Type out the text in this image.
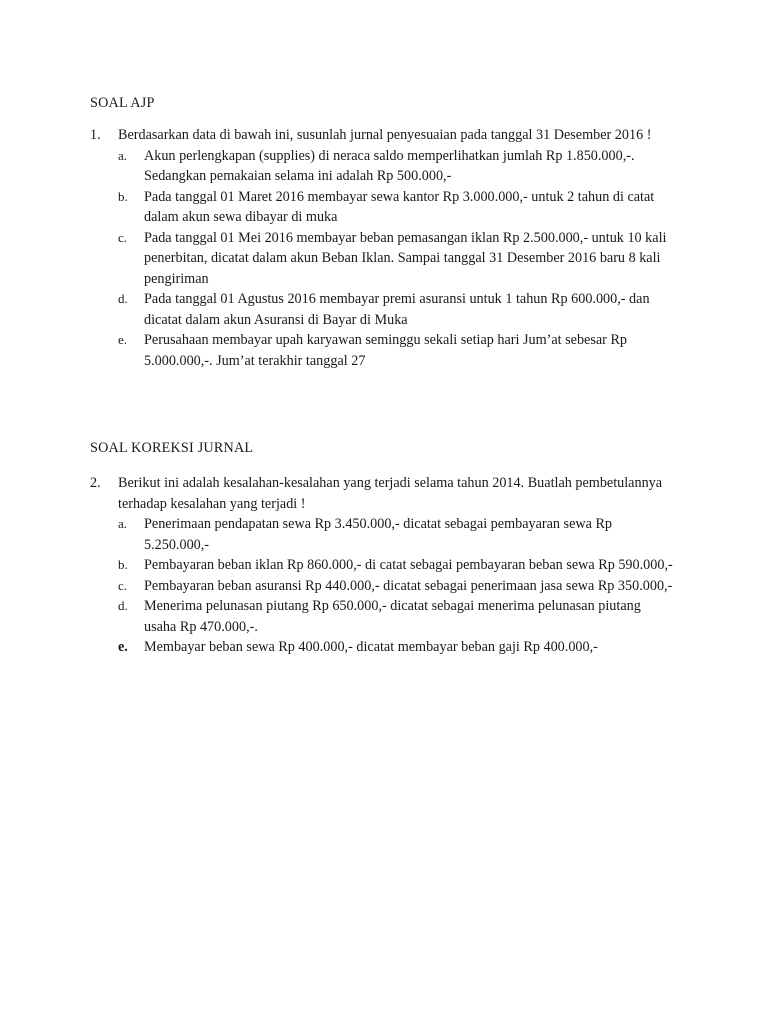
SOAL AJP
1. Berdasarkan data di bawah ini, susunlah jurnal penyesuaian pada tanggal 31 Desember 2016 !
a. Akun perlengkapan (supplies) di neraca saldo memperlihatkan jumlah Rp 1.850.000,-. Sedangkan pemakaian selama ini adalah Rp 500.000,-
b. Pada tanggal 01 Maret 2016 membayar sewa kantor Rp 3.000.000,- untuk 2 tahun di catat dalam akun sewa dibayar di muka
c. Pada tanggal 01 Mei 2016 membayar beban pemasangan iklan Rp 2.500.000,- untuk 10 kali penerbitan, dicatat dalam akun Beban Iklan. Sampai tanggal 31 Desember 2016 baru 8 kali pengiriman
d. Pada tanggal 01 Agustus 2016 membayar premi asuransi untuk 1 tahun Rp 600.000,- dan dicatat dalam akun Asuransi di Bayar di Muka
e. Perusahaan membayar upah karyawan seminggu sekali setiap hari Jum’at sebesar Rp 5.000.000,-. Jum’at terakhir tanggal 27
SOAL KOREKSI JURNAL
2. Berikut ini adalah kesalahan-kesalahan yang terjadi selama tahun 2014. Buatlah pembetulannya terhadap kesalahan yang terjadi !
a. Penerimaan pendapatan sewa Rp 3.450.000,- dicatat sebagai pembayaran sewa Rp 5.250.000,-
b. Pembayaran beban iklan Rp 860.000,- di catat sebagai pembayaran beban sewa Rp 590.000,-
c. Pembayaran beban asuransi Rp 440.000,- dicatat sebagai penerimaan jasa sewa Rp 350.000,-
d. Menerima pelunasan piutang Rp 650.000,- dicatat sebagai menerima pelunasan piutang usaha Rp 470.000,-.
e. Membayar beban sewa Rp 400.000,- dicatat membayar beban gaji Rp 400.000,-
